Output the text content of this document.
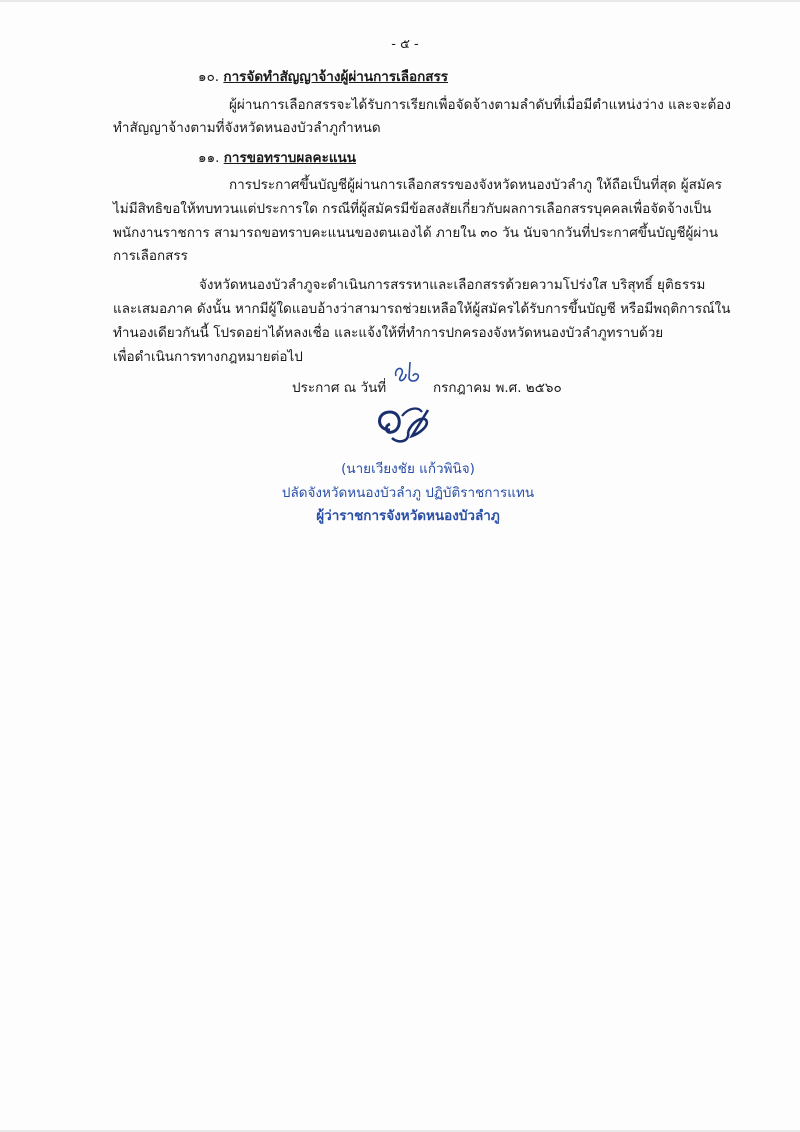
- ๕ -
๑๐. การจัดทำสัญญาจ้างผู้ผ่านการเลือกสรร
ผู้ผ่านการเลือกสรรจะได้รับการเรียกเพื่อจัดจ้างตามลำดับที่เมื่อมีตำแหน่งว่าง และจะต้อง
ทำสัญญาจ้างตามที่จังหวัดหนองบัวลำภูกำหนด
๑๑. การขอทราบผลคะแนน
การประกาศขึ้นบัญชีผู้ผ่านการเลือกสรรของจังหวัดหนองบัวลำภู ให้ถือเป็นที่สุด ผู้สมัคร
ไม่มีสิทธิขอให้ทบทวนแต่ประการใด กรณีที่ผู้สมัครมีข้อสงสัยเกี่ยวกับผลการเลือกสรรบุคคลเพื่อจัดจ้างเป็น
พนักงานราชการ สามารถขอทราบคะแนนของตนเองได้ ภายใน ๓๐ วัน นับจากวันที่ประกาศขึ้นบัญชีผู้ผ่าน
การเลือกสรร
จังหวัดหนองบัวลำภูจะดำเนินการสรรหาและเลือกสรรด้วยความโปร่งใส บริสุทธิ์ ยุติธรรม
และเสมอภาค ดังนั้น หากมีผู้ใดแอบอ้างว่าสามารถช่วยเหลือให้ผู้สมัครได้รับการขึ้นบัญชี หรือมีพฤติการณ์ใน
ทำนองเดียวกันนี้ โปรดอย่าได้หลงเชื่อ และแจ้งให้ที่ทำการปกครองจังหวัดหนองบัวลำภูทราบด้วย
เพื่อดำเนินการทางกฎหมายต่อไป
ประกาศ ณ วันที่	กรกฎาคม พ.ศ. ๒๕๖๐
(นายเวียงชัย แก้วพินิจ)
ปลัดจังหวัดหนองบัวลำภู ปฏิบัติราชการแทน
ผู้ว่าราชการจังหวัดหนองบัวลำภู
